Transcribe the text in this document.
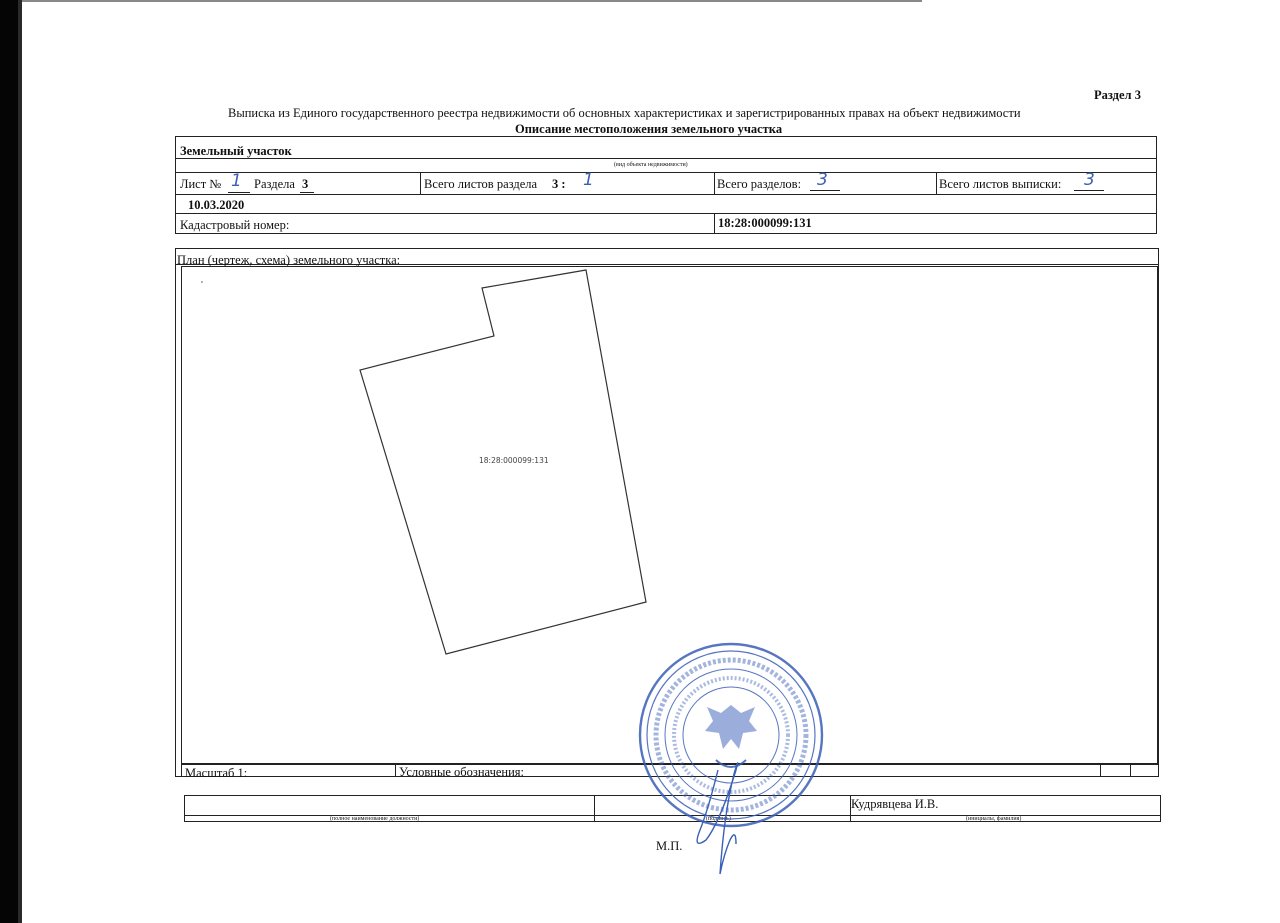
Раздел 3
Выписка из Единого государственного реестра недвижимости об основных характеристиках и зарегистрированных правах на объект недвижимости
Описание местоположения земельного участка
Земельный участок
(вид объекта недвижимости)
Лист № 1 Раздела 3	Всего листов раздела 3 : 1	Всего разделов: 3	Всего листов выписки: 3
10.03.2020
Кадастровый номер:	18:28:000099:131
План (чертеж, схема) земельного участка:
Масштаб 1:	Условные обозначения:
Кудрявцева И.В.
(полное наименование должности)	(подпись)	(инициалы, фамилия)
М.П.
18:28:000099:131
